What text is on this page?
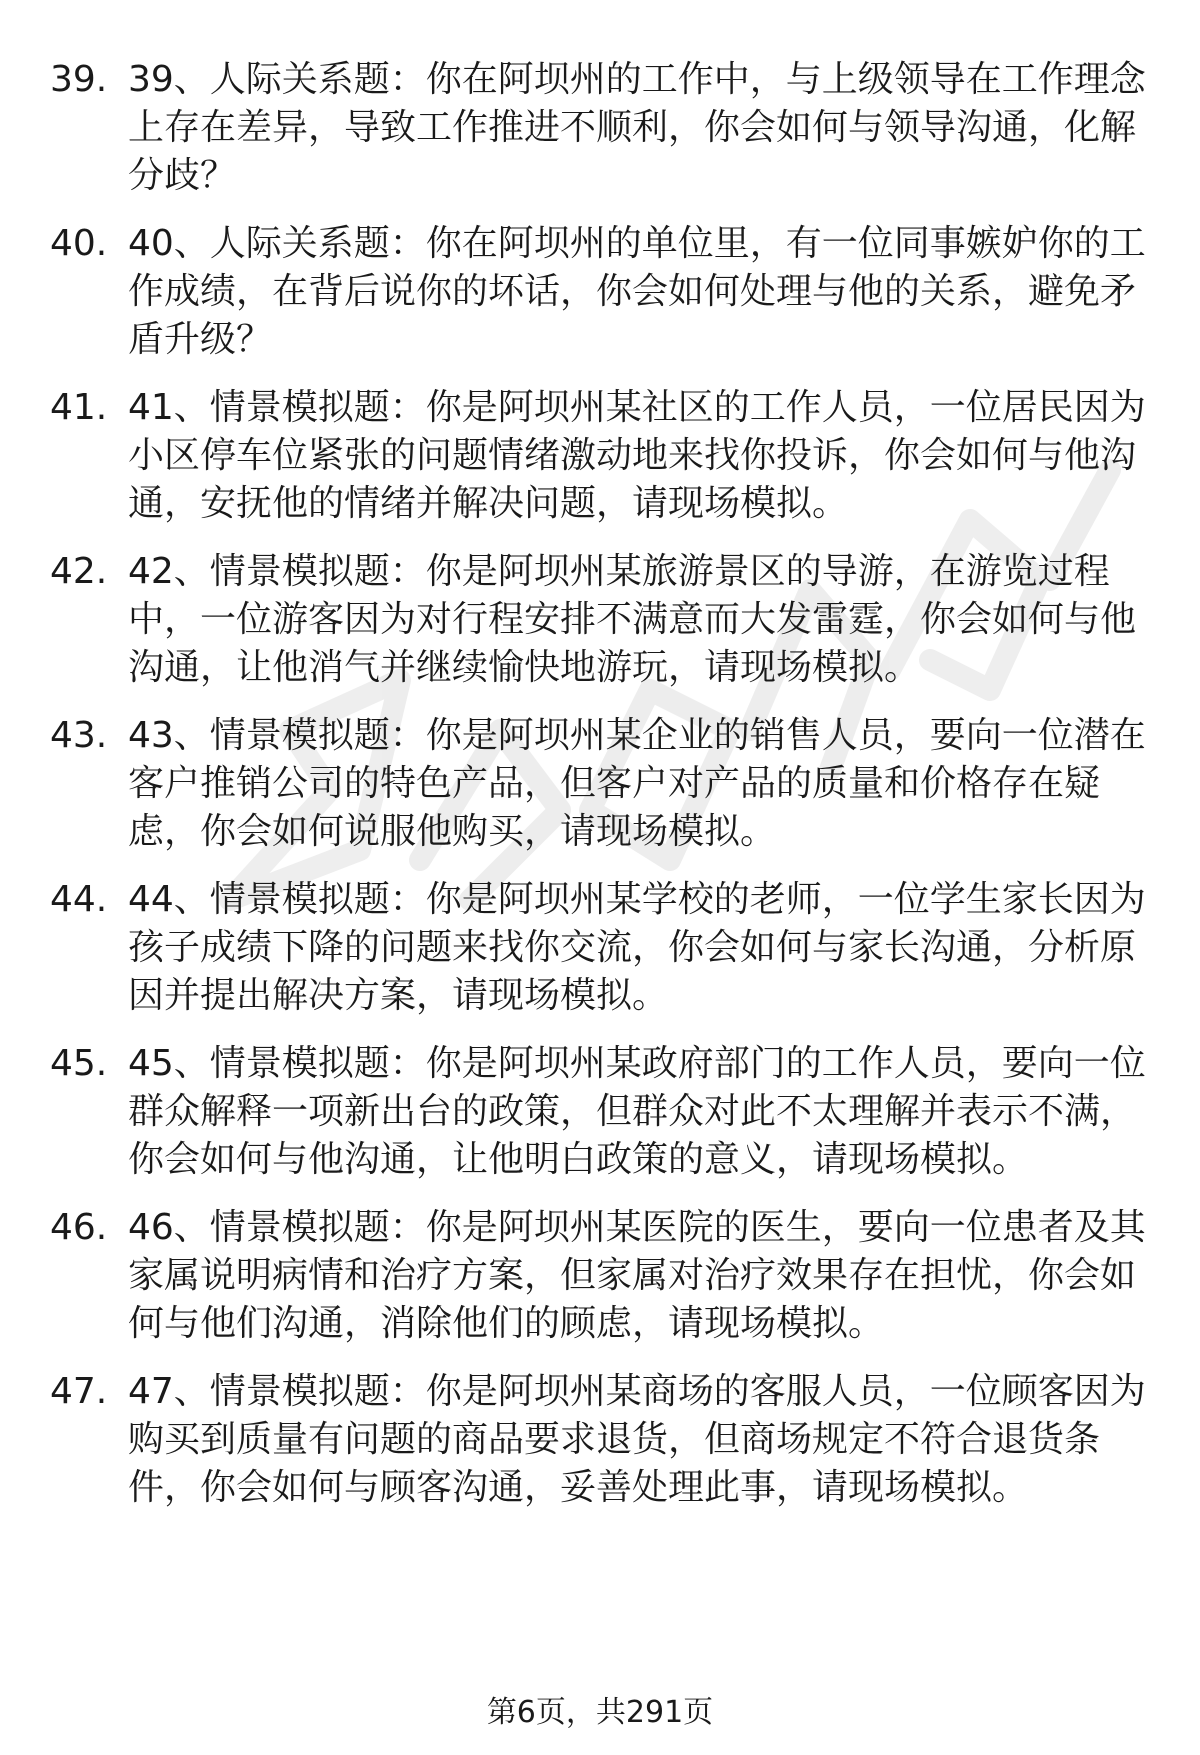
39. 39、人际关系题：你在阿坝州的工作中，与上级领导在工作理念上存在差异，导致工作推进不顺利，你会如何与领导沟通，化解分歧？

40. 40、人际关系题：你在阿坝州的单位里，有一位同事嫉妒你的工作成绩，在背后说你的坏话，你会如何处理与他的关系，避免矛盾升级？

41. 41、情景模拟题：你是阿坝州某社区的工作人员，一位居民因为小区停车位紧张的问题情绪激动地来找你投诉，你会如何与他沟通，安抚他的情绪并解决问题，请现场模拟。

42. 42、情景模拟题：你是阿坝州某旅游景区的导游，在游览过程中，一位游客因为对行程安排不满意而大发雷霆，你会如何与他沟通，让他消气并继续愉快地游玩，请现场模拟。

43. 43、情景模拟题：你是阿坝州某企业的销售人员，要向一位潜在客户推销公司的特色产品，但客户对产品的质量和价格存在疑虑，你会如何说服他购买，请现场模拟。

44. 44、情景模拟题：你是阿坝州某学校的老师，一位学生家长因为孩子成绩下降的问题来找你交流，你会如何与家长沟通，分析原因并提出解决方案，请现场模拟。

45. 45、情景模拟题：你是阿坝州某政府部门的工作人员，要向一位群众解释一项新出台的政策，但群众对此不太理解并表示不满，你会如何与他沟通，让他明白政策的意义，请现场模拟。

46. 46、情景模拟题：你是阿坝州某医院的医生，要向一位患者及其家属说明病情和治疗方案，但家属对治疗效果存在担忧，你会如何与他们沟通，消除他们的顾虑，请现场模拟。

47. 47、情景模拟题：你是阿坝州某商场的客服人员，一位顾客因为购买到质量有问题的商品要求退货，但商场规定不符合退货条件，你会如何与顾客沟通，妥善处理此事，请现场模拟。

第6页，共291页
